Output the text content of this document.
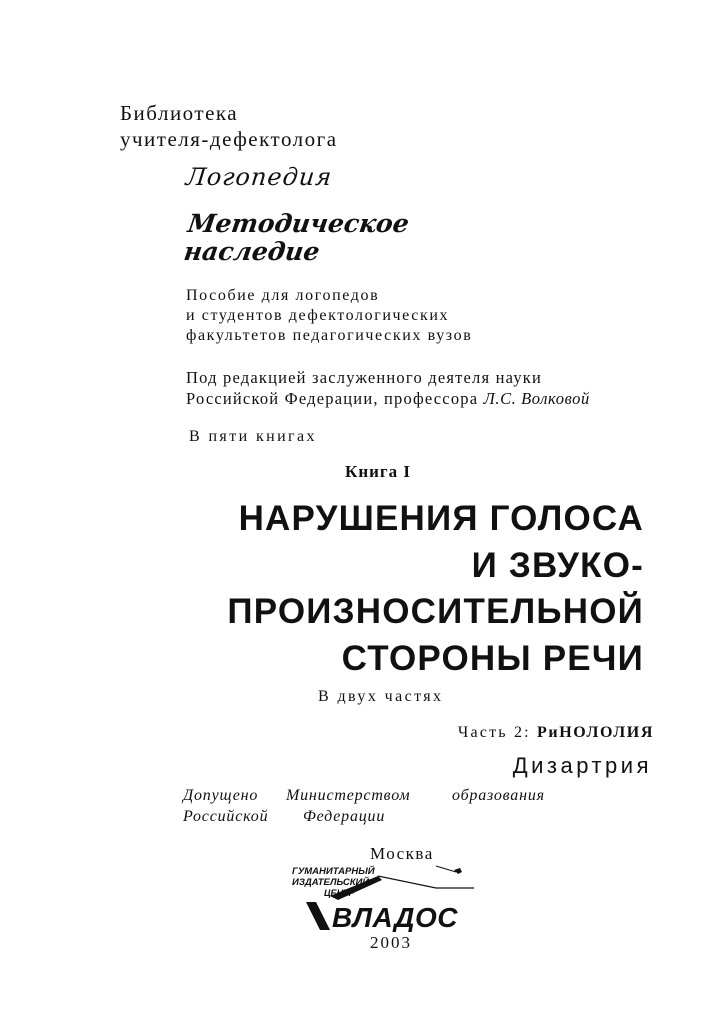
Библиотека
учителя-дефектолога
Логопедия
Методическое
наследие
Пособие для логопедов
и студентов дефектологических
факультетов педагогических вузов
Под редакцией заслуженного деятеля науки
Российской Федерации, профессора Л.С. Волковой
В пяти книгах
Книга I
НАРУШЕНИЯ ГОЛОСА
И ЗВУКО-
ПРОИЗНОСИТЕЛЬНОЙ
СТОРОНЫ РЕЧИ
В двух частях
Часть 2: РиНОЛОЛИЯ
Дизартрия
Допущено	Министерством	образования
Российской	Федерации
Москва
ГУМАНИТАРНЫЙ
ИЗДАТЕЛЬСКИЙ
ЦЕНТР
ВЛАДОС
2003
